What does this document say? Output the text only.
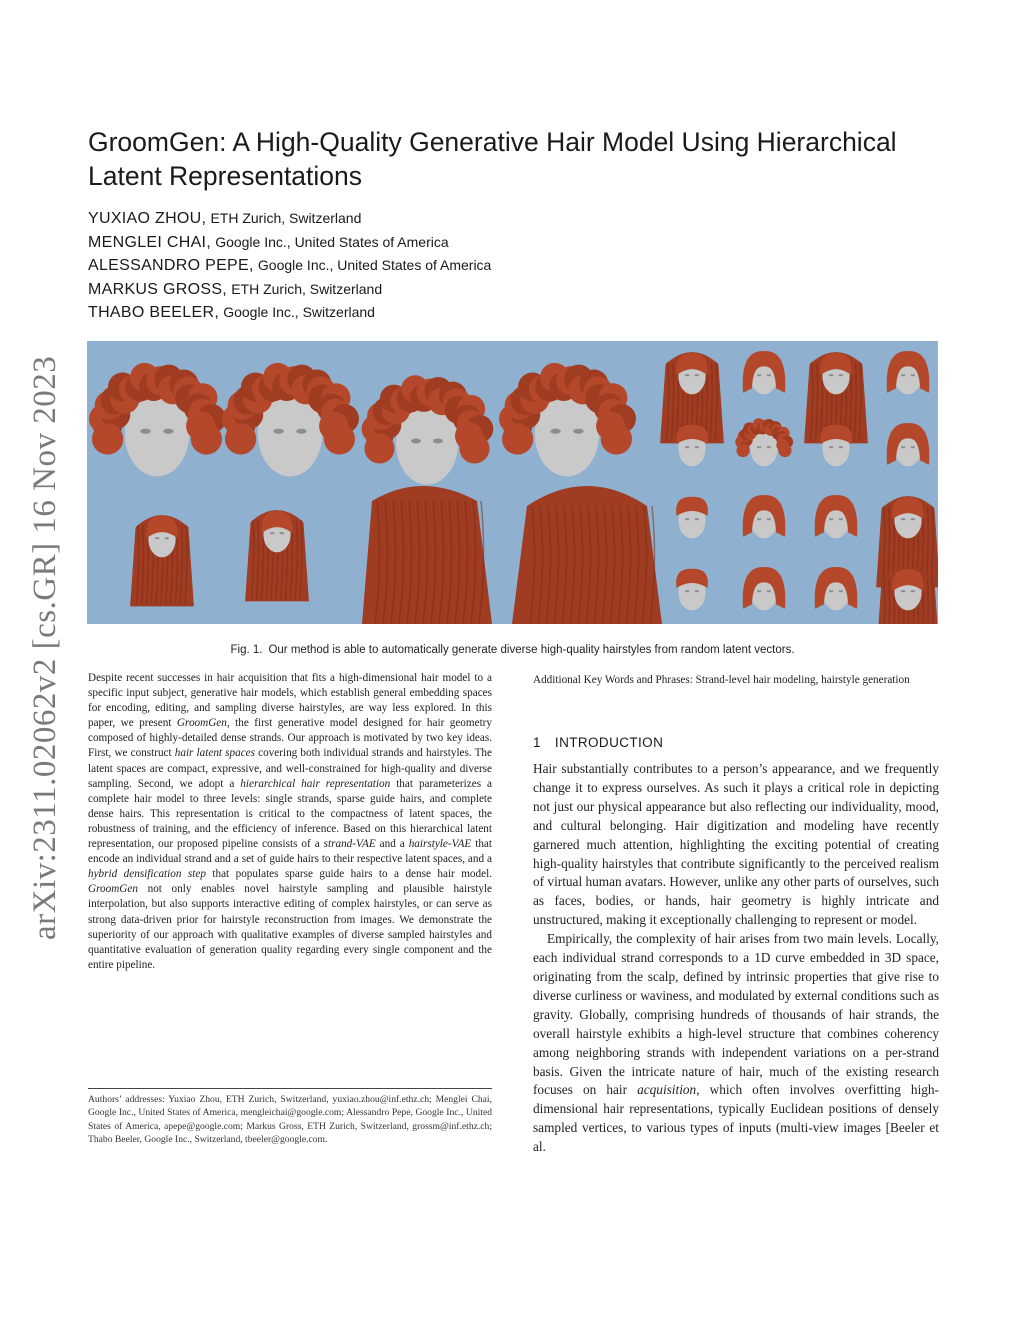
arXiv:2311.02062v2 [cs.GR] 16 Nov 2023
GroomGen: A High-Quality Generative Hair Model Using Hierarchical Latent Representations
YUXIAO ZHOU, ETH Zurich, Switzerland
MENGLEI CHAI, Google Inc., United States of America
ALESSANDRO PEPE, Google Inc., United States of America
MARKUS GROSS, ETH Zurich, Switzerland
THABO BEELER, Google Inc., Switzerland

Fig. 1. Our method is able to automatically generate diverse high-quality hairstyles from random latent vectors.

Despite recent successes in hair acquisition that fits a high-dimensional hair model to a specific input subject, generative hair models, which establish general embedding spaces for encoding, editing, and sampling diverse hairstyles, are way less explored. In this paper, we present GroomGen, the first generative model designed for hair geometry composed of highly-detailed dense strands. Our approach is motivated by two key ideas. First, we construct hair latent spaces covering both individual strands and hairstyles. The latent spaces are compact, expressive, and well-constrained for high-quality and diverse sampling. Second, we adopt a hierarchical hair representation that parameterizes a complete hair model to three levels: single strands, sparse guide hairs, and complete dense hairs. This representation is critical to the compactness of latent spaces, the robustness of training, and the efficiency of inference. Based on this hierarchical latent representation, our proposed pipeline consists of a strand-VAE and a hairstyle-VAE that encode an individual strand and a set of guide hairs to their respective latent spaces, and a hybrid densification step that populates sparse guide hairs to a dense hair model. GroomGen not only enables novel hairstyle sampling and plausible hairstyle interpolation, but also supports interactive editing of complex hairstyles, or can serve as strong data-driven prior for hairstyle reconstruction from images. We demonstrate the superiority of our approach with qualitative examples of diverse sampled hairstyles and quantitative evaluation of generation quality regarding every single component and the entire pipeline.

Authors’ addresses: Yuxiao Zhou, ETH Zurich, Switzerland, yuxiao.zhou@inf.ethz.ch; Menglei Chai, Google Inc., United States of America, mengleichai@google.com; Alessandro Pepe, Google Inc., United States of America, apepe@google.com; Markus Gross, ETH Zurich, Switzerland, grossm@inf.ethz.ch; Thabo Beeler, Google Inc., Switzerland, tbeeler@google.com.

Additional Key Words and Phrases: Strand-level hair modeling, hairstyle generation

1 INTRODUCTION

Hair substantially contributes to a person’s appearance, and we frequently change it to express ourselves. As such it plays a critical role in depicting not just our physical appearance but also reflecting our individuality, mood, and cultural belonging. Hair digitization and modeling have recently garnered much attention, highlighting the exciting potential of creating high-quality hairstyles that contribute significantly to the perceived realism of virtual human avatars. However, unlike any other parts of ourselves, such as faces, bodies, or hands, hair geometry is highly intricate and unstructured, making it exceptionally challenging to represent or model.

Empirically, the complexity of hair arises from two main levels. Locally, each individual strand corresponds to a 1D curve embedded in 3D space, originating from the scalp, defined by intrinsic properties that give rise to diverse curliness or waviness, and modulated by external conditions such as gravity. Globally, comprising hundreds of thousands of hair strands, the overall hairstyle exhibits a high-level structure that combines coherency among neighboring strands with independent variations on a per-strand basis. Given the intricate nature of hair, much of the existing research focuses on hair acquisition, which often involves overfitting high-dimensional hair representations, typically Euclidean positions of densely sampled vertices, to various types of inputs (multi-view images [Beeler et al.
